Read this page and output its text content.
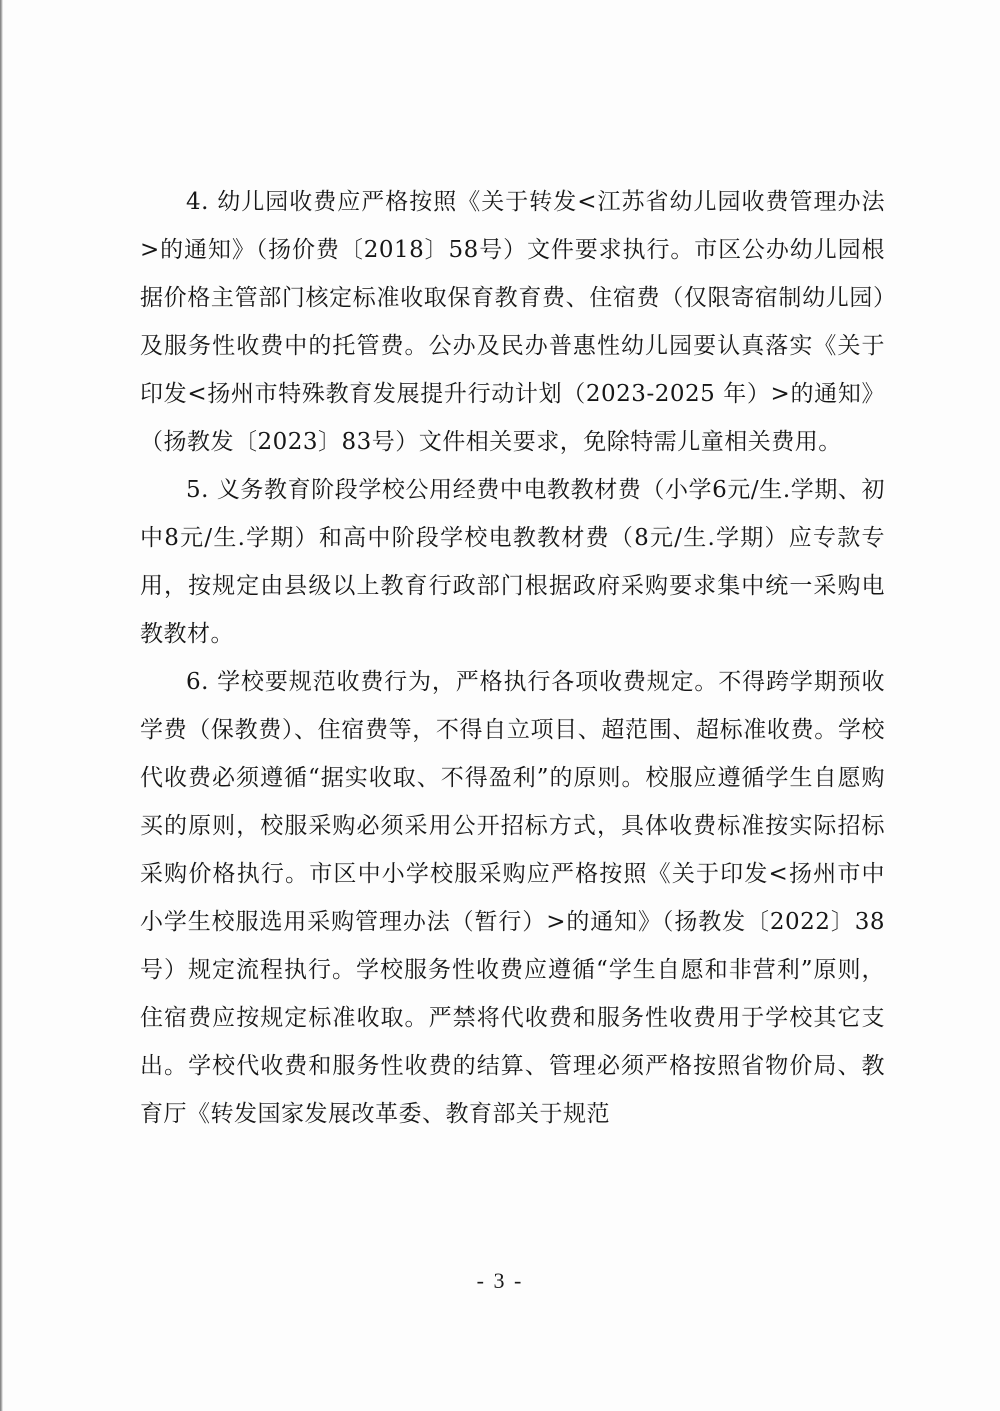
4. 幼儿园收费应严格按照《关于转发<江苏省幼儿园收费管理办法>的通知》（扬价费〔2018〕58号）文件要求执行。市区公办幼儿园根据价格主管部门核定标准收取保育教育费、住宿费（仅限寄宿制幼儿园）及服务性收费中的托管费。公办及民办普惠性幼儿园要认真落实《关于印发<扬州市特殊教育发展提升行动计划（2023-2025 年）>的通知》（扬教发〔2023〕83号）文件相关要求，免除特需儿童相关费用。

5. 义务教育阶段学校公用经费中电教教材费（小学6元/生.学期、初中8元/生.学期）和高中阶段学校电教教材费（8元/生.学期）应专款专用，按规定由县级以上教育行政部门根据政府采购要求集中统一采购电教教材。

6. 学校要规范收费行为，严格执行各项收费规定。不得跨学期预收学费（保教费）、住宿费等，不得自立项目、超范围、超标准收费。学校代收费必须遵循“据实收取、不得盈利”的原则。校服应遵循学生自愿购买的原则，校服采购必须采用公开招标方式，具体收费标准按实际招标采购价格执行。市区中小学校服采购应严格按照《关于印发<扬州市中小学生校服选用采购管理办法（暂行）>的通知》（扬教发〔2022〕38号）规定流程执行。学校服务性收费应遵循“学生自愿和非营利”原则，住宿费应按规定标准收取。严禁将代收费和服务性收费用于学校其它支出。学校代收费和服务性收费的结算、管理必须严格按照省物价局、教育厅《转发国家发展改革委、教育部关于规范

- 3 -
